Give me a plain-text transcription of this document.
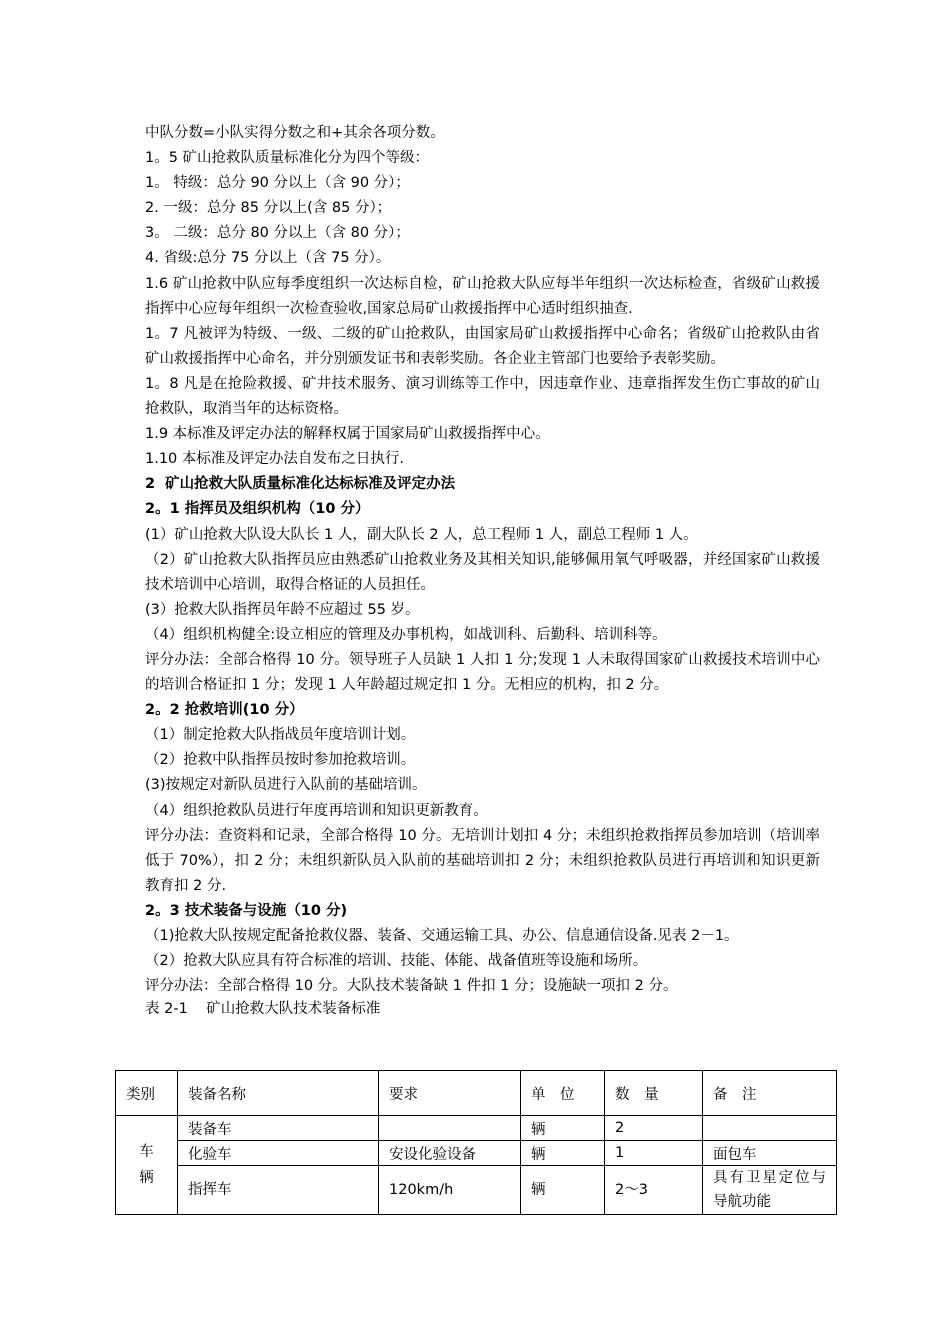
中队分数=小队实得分数之和+其余各项分数。

1。5 矿山抢救队质量标准化分为四个等级：

1。 特级：总分 90 分以上（含 90 分）；

2. 一级：总分 85 分以上(含 85 分）；

3。 二级：总分 80 分以上（含 80 分）；

4. 省级:总分 75 分以上（含 75 分）。

1.6 矿山抢救中队应每季度组织一次达标自检，矿山抢救大队应每半年组织一次达标检查，省级矿山救援指挥中心应每年组织一次检查验收,国家总局矿山救援指挥中心适时组织抽查.

1。7 凡被评为特级、一级、二级的矿山抢救队，由国家局矿山救援指挥中心命名；省级矿山抢救队由省矿山救援指挥中心命名，并分别颁发证书和表彰奖励。各企业主管部门也要给予表彰奖励。

1。8 凡是在抢险救援、矿井技术服务、演习训练等工作中，因违章作业、违章指挥发生伤亡事故的矿山抢救队，取消当年的达标资格。

1.9 本标准及评定办法的解释权属于国家局矿山救援指挥中心。

1.10 本标准及评定办法自发布之日执行.

2  矿山抢救大队质量标准化达标标准及评定办法

2。1 指挥员及组织机构（10 分）

(1）矿山抢救大队设大队长 1 人，副大队长 2 人，总工程师 1 人，副总工程师 1 人。

（2）矿山抢救大队指挥员应由熟悉矿山抢救业务及其相关知识,能够佩用氧气呼吸器，并经国家矿山救援技术培训中心培训，取得合格证的人员担任。

(3）抢救大队指挥员年龄不应超过 55 岁。

（4）组织机构健全:设立相应的管理及办事机构，如战训科、后勤科、培训科等。

评分办法：全部合格得 10 分。领导班子人员缺 1 人扣 1 分;发现 1 人未取得国家矿山救援技术培训中心的培训合格证扣 1 分；发现 1 人年龄超过规定扣 1 分。无相应的机构，扣 2 分。

2。2 抢救培训(10 分）

（1）制定抢救大队指战员年度培训计划。

（2）抢救中队指挥员按时参加抢救培训。

(3)按规定对新队员进行入队前的基础培训。

（4）组织抢救队员进行年度再培训和知识更新教育。

评分办法：查资料和记录，全部合格得 10 分。无培训计划扣 4 分；未组织抢救指挥员参加培训（培训率低于 70%），扣 2 分；未组织新队员入队前的基础培训扣 2 分；未组织抢救队员进行再培训和知识更新教育扣 2 分.

2。3 技术装备与设施（10 分)

（1)抢救大队按规定配备抢救仪器、装备、交通运输工具、办公、信息通信设备.见表 2－1。

（2）抢救大队应具有符合标准的培训、技能、体能、战备值班等设施和场所。

评分办法：全部合格得 10 分。大队技术装备缺 1 件扣 1 分；设施缺一项扣 2 分。

表 2-1    矿山抢救大队技术装备标准

类别	装备名称	要求	单　位	数　量	备　注
车
辆	装备车		辆	2	
	化验车	安设化验设备	辆	1	面包车
	指挥车	120km/h	辆	2～3	具有卫星定位与导航功能
